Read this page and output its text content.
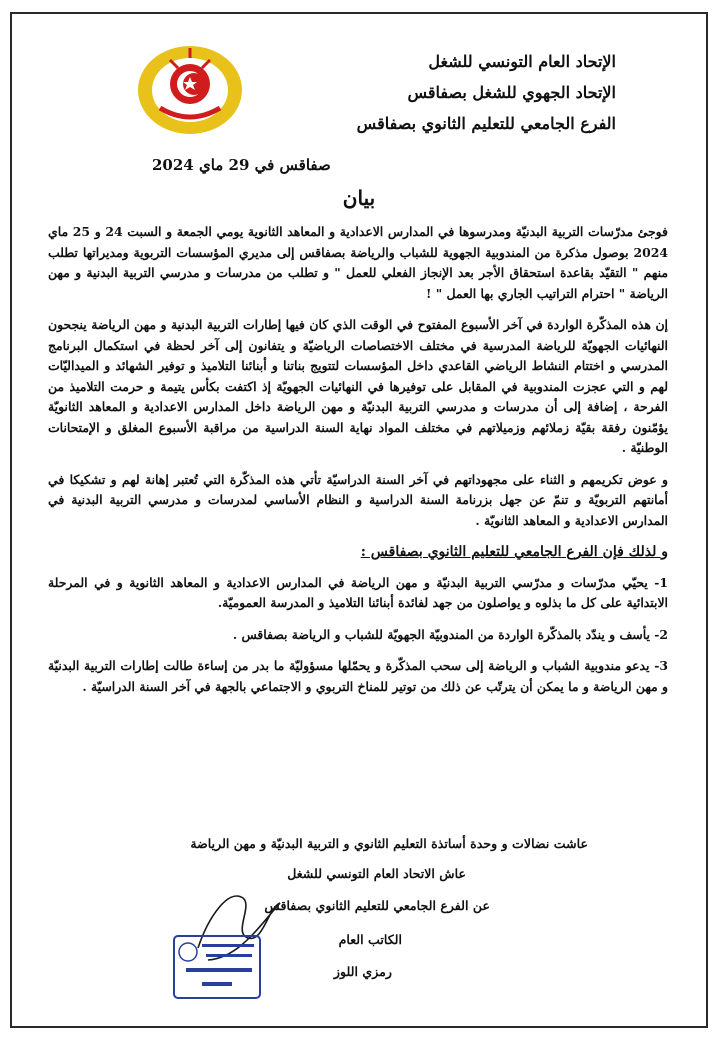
الإتحاد العام التونسي للشغل
الإتحاد الجهوي للشغل بصفاقس
الفرع الجامعي للتعليم الثانوي بصفاقس
صفاقس في 29 ماي 2024
بيان

فوجئ مدرّسات التربية البدنيّة ومدرسوها في المدارس الاعدادية و المعاهد الثانوية يومي الجمعة و السبت 24 و 25 ماي 2024 بوصول مذكرة من المندوبية الجهوية للشباب والرياضة بصفاقس إلى مديري المؤسسات التربوية ومديراتها تطلب منهم " التقيّد بقاعدة استحقاق الأجر بعد الإنجاز الفعلي للعمل " و تطلب من مدرسات و مدرسي التربية البدنية و مهن الرياضة " احترام التراتيب الجاري بها العمل " !

إن هذه المذكّرة الواردة في آخر الأسبوع المفتوح في الوقت الذي كان فيها إطارات التربية البدنية و مهن الرياضة ينجحون النهائيات الجهويّة للرياضة المدرسية في مختلف الاختصاصات الرياضيّة و يتفانون إلى آخر لحظة في استكمال البرنامج المدرسي و اختتام النشاط الرياضي القاعدي داخل المؤسسات لتتويج بناتنا و أبنائنا التلاميذ و توفير الشهائد و الميداليّات لهم و التي عجزت المندوبية في المقابل على توفيرها في النهائيات الجهويّة إذ اكتفت بكأس يتيمة و حرمت التلاميذ من الفرحة ، إضافة إلى أن مدرسات و مدرسي التربية البدنيّة و مهن الرياضة داخل المدارس الاعدادية و المعاهد الثانويّة يؤمّنون رفقة بقيّة زملائهم وزميلاتهم في مختلف المواد نهاية السنة الدراسية من مراقبة الأسبوع المغلق و الإمتحانات الوطنيّة .

و عوض تكريمهم و الثناء على مجهوداتهم في آخر السنة الدراسيّة تأتي هذه المذكّرة التي تُعتبر إهانة لهم و تشكيكا في أمانتهم التربويّة و تنمّ عن جهل بزرنامة السنة الدراسية و النظام الأساسي لمدرسات و مدرسي التربية البدنية في المدارس الاعدادية و المعاهد الثانويّة .

و لذلك فإن الفرع الجامعي للتعليم الثانوي بصفاقس :

1- يحيّي مدرّسات و مدرّسي التربية البدنيّة و مهن الرياضة في المدارس الاعدادية و المعاهد الثانوية و في المرحلة الابتدائية على كل ما بذلوه و يواصلون من جهد لفائدة أبنائنا التلاميذ و المدرسة العموميّة.

2- يأسف و يندّد بالمذكّرة الواردة من المندوبيّة الجهويّة للشباب و الرياضة بصفاقس .

3- يدعو مندوبية الشباب و الرياضة إلى سحب المذكّرة و يحمّلها مسؤوليّة ما بدر من إساءة طالت إطارات التربية البدنيّة و مهن الرياضة و ما يمكن أن يترتّب عن ذلك من توتير للمناخ التربوي و الاجتماعي بالجهة في آخر السنة الدراسيّة .

عاشت نضالات و وحدة أساتذة التعليم الثانوي و التربية البدنيّة و مهن الرياضة
عاش الاتحاد العام التونسي للشغل
عن الفرع الجامعي للتعليم الثانوي بصفاقس
الكاتب العام
رمزي اللوز
